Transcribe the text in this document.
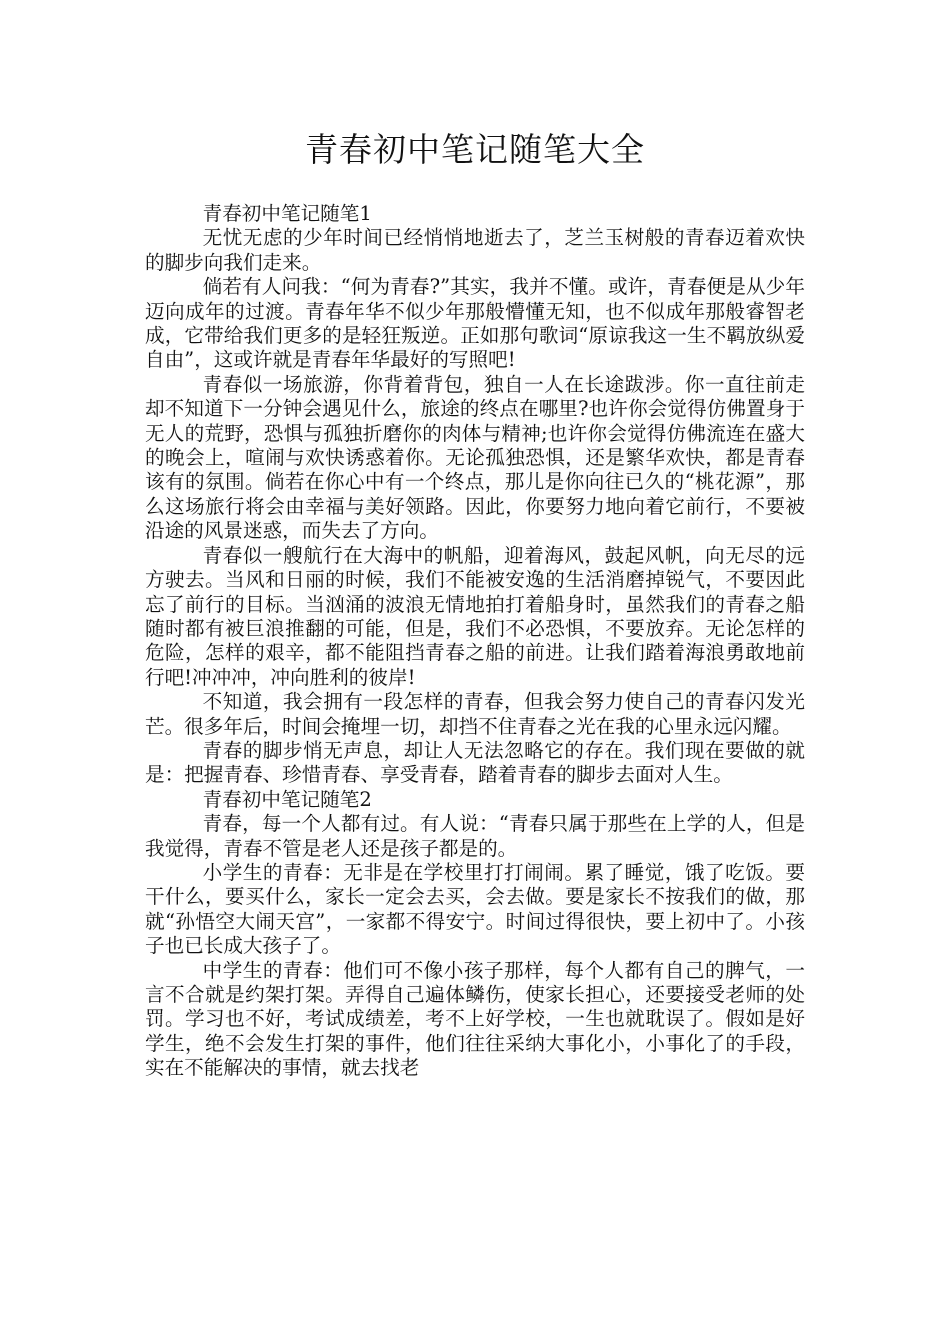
青春初中笔记随笔大全

青春初中笔记随笔1

无忧无虑的少年时间已经悄悄地逝去了，芝兰玉树般的青春迈着欢快的脚步向我们走来。

倘若有人问我：“何为青春?”其实，我并不懂。或许，青春便是从少年迈向成年的过渡。青春年华不似少年那般懵懂无知，也不似成年那般睿智老成，它带给我们更多的是轻狂叛逆。正如那句歌词“原谅我这一生不羁放纵爱自由”，这或许就是青春年华最好的写照吧!

青春似一场旅游，你背着背包，独自一人在长途跋涉。你一直往前走却不知道下一分钟会遇见什么，旅途的终点在哪里?也许你会觉得仿佛置身于无人的荒野，恐惧与孤独折磨你的肉体与精神;也许你会觉得仿佛流连在盛大的晚会上，喧闹与欢快诱惑着你。无论孤独恐惧，还是繁华欢快，都是青春该有的氛围。倘若在你心中有一个终点，那儿是你向往已久的“桃花源”，那么这场旅行将会由幸福与美好领路。因此，你要努力地向着它前行，不要被沿途的风景迷惑，而失去了方向。

青春似一艘航行在大海中的帆船，迎着海风，鼓起风帆，向无尽的远方驶去。当风和日丽的时候，我们不能被安逸的生活消磨掉锐气，不要因此忘了前行的目标。当汹涌的波浪无情地拍打着船身时，虽然我们的青春之船随时都有被巨浪推翻的可能，但是，我们不必恐惧，不要放弃。无论怎样的危险，怎样的艰辛，都不能阻挡青春之船的前进。让我们踏着海浪勇敢地前行吧!冲冲冲，冲向胜利的彼岸!

不知道，我会拥有一段怎样的青春，但我会努力使自己的青春闪发光芒。很多年后，时间会掩埋一切，却挡不住青春之光在我的心里永远闪耀。

青春的脚步悄无声息，却让人无法忽略它的存在。我们现在要做的就是：把握青春、珍惜青春、享受青春，踏着青春的脚步去面对人生。

青春初中笔记随笔2

青春，每一个人都有过。有人说：“青春只属于那些在上学的人，但是我觉得，青春不管是老人还是孩子都是的。

小学生的青春：无非是在学校里打打闹闹。累了睡觉，饿了吃饭。要干什么，要买什么，家长一定会去买，会去做。要是家长不按我们的做，那就“孙悟空大闹天宫”，一家都不得安宁。时间过得很快，要上初中了。小孩子也已长成大孩子了。

中学生的青春：他们可不像小孩子那样，每个人都有自己的脾气，一言不合就是约架打架。弄得自己遍体鳞伤，使家长担心，还要接受老师的处罚。学习也不好，考试成绩差，考不上好学校，一生也就耽误了。假如是好学生，绝不会发生打架的事件，他们往往采纳大事化小，小事化了的手段，实在不能解决的事情，就去找老
